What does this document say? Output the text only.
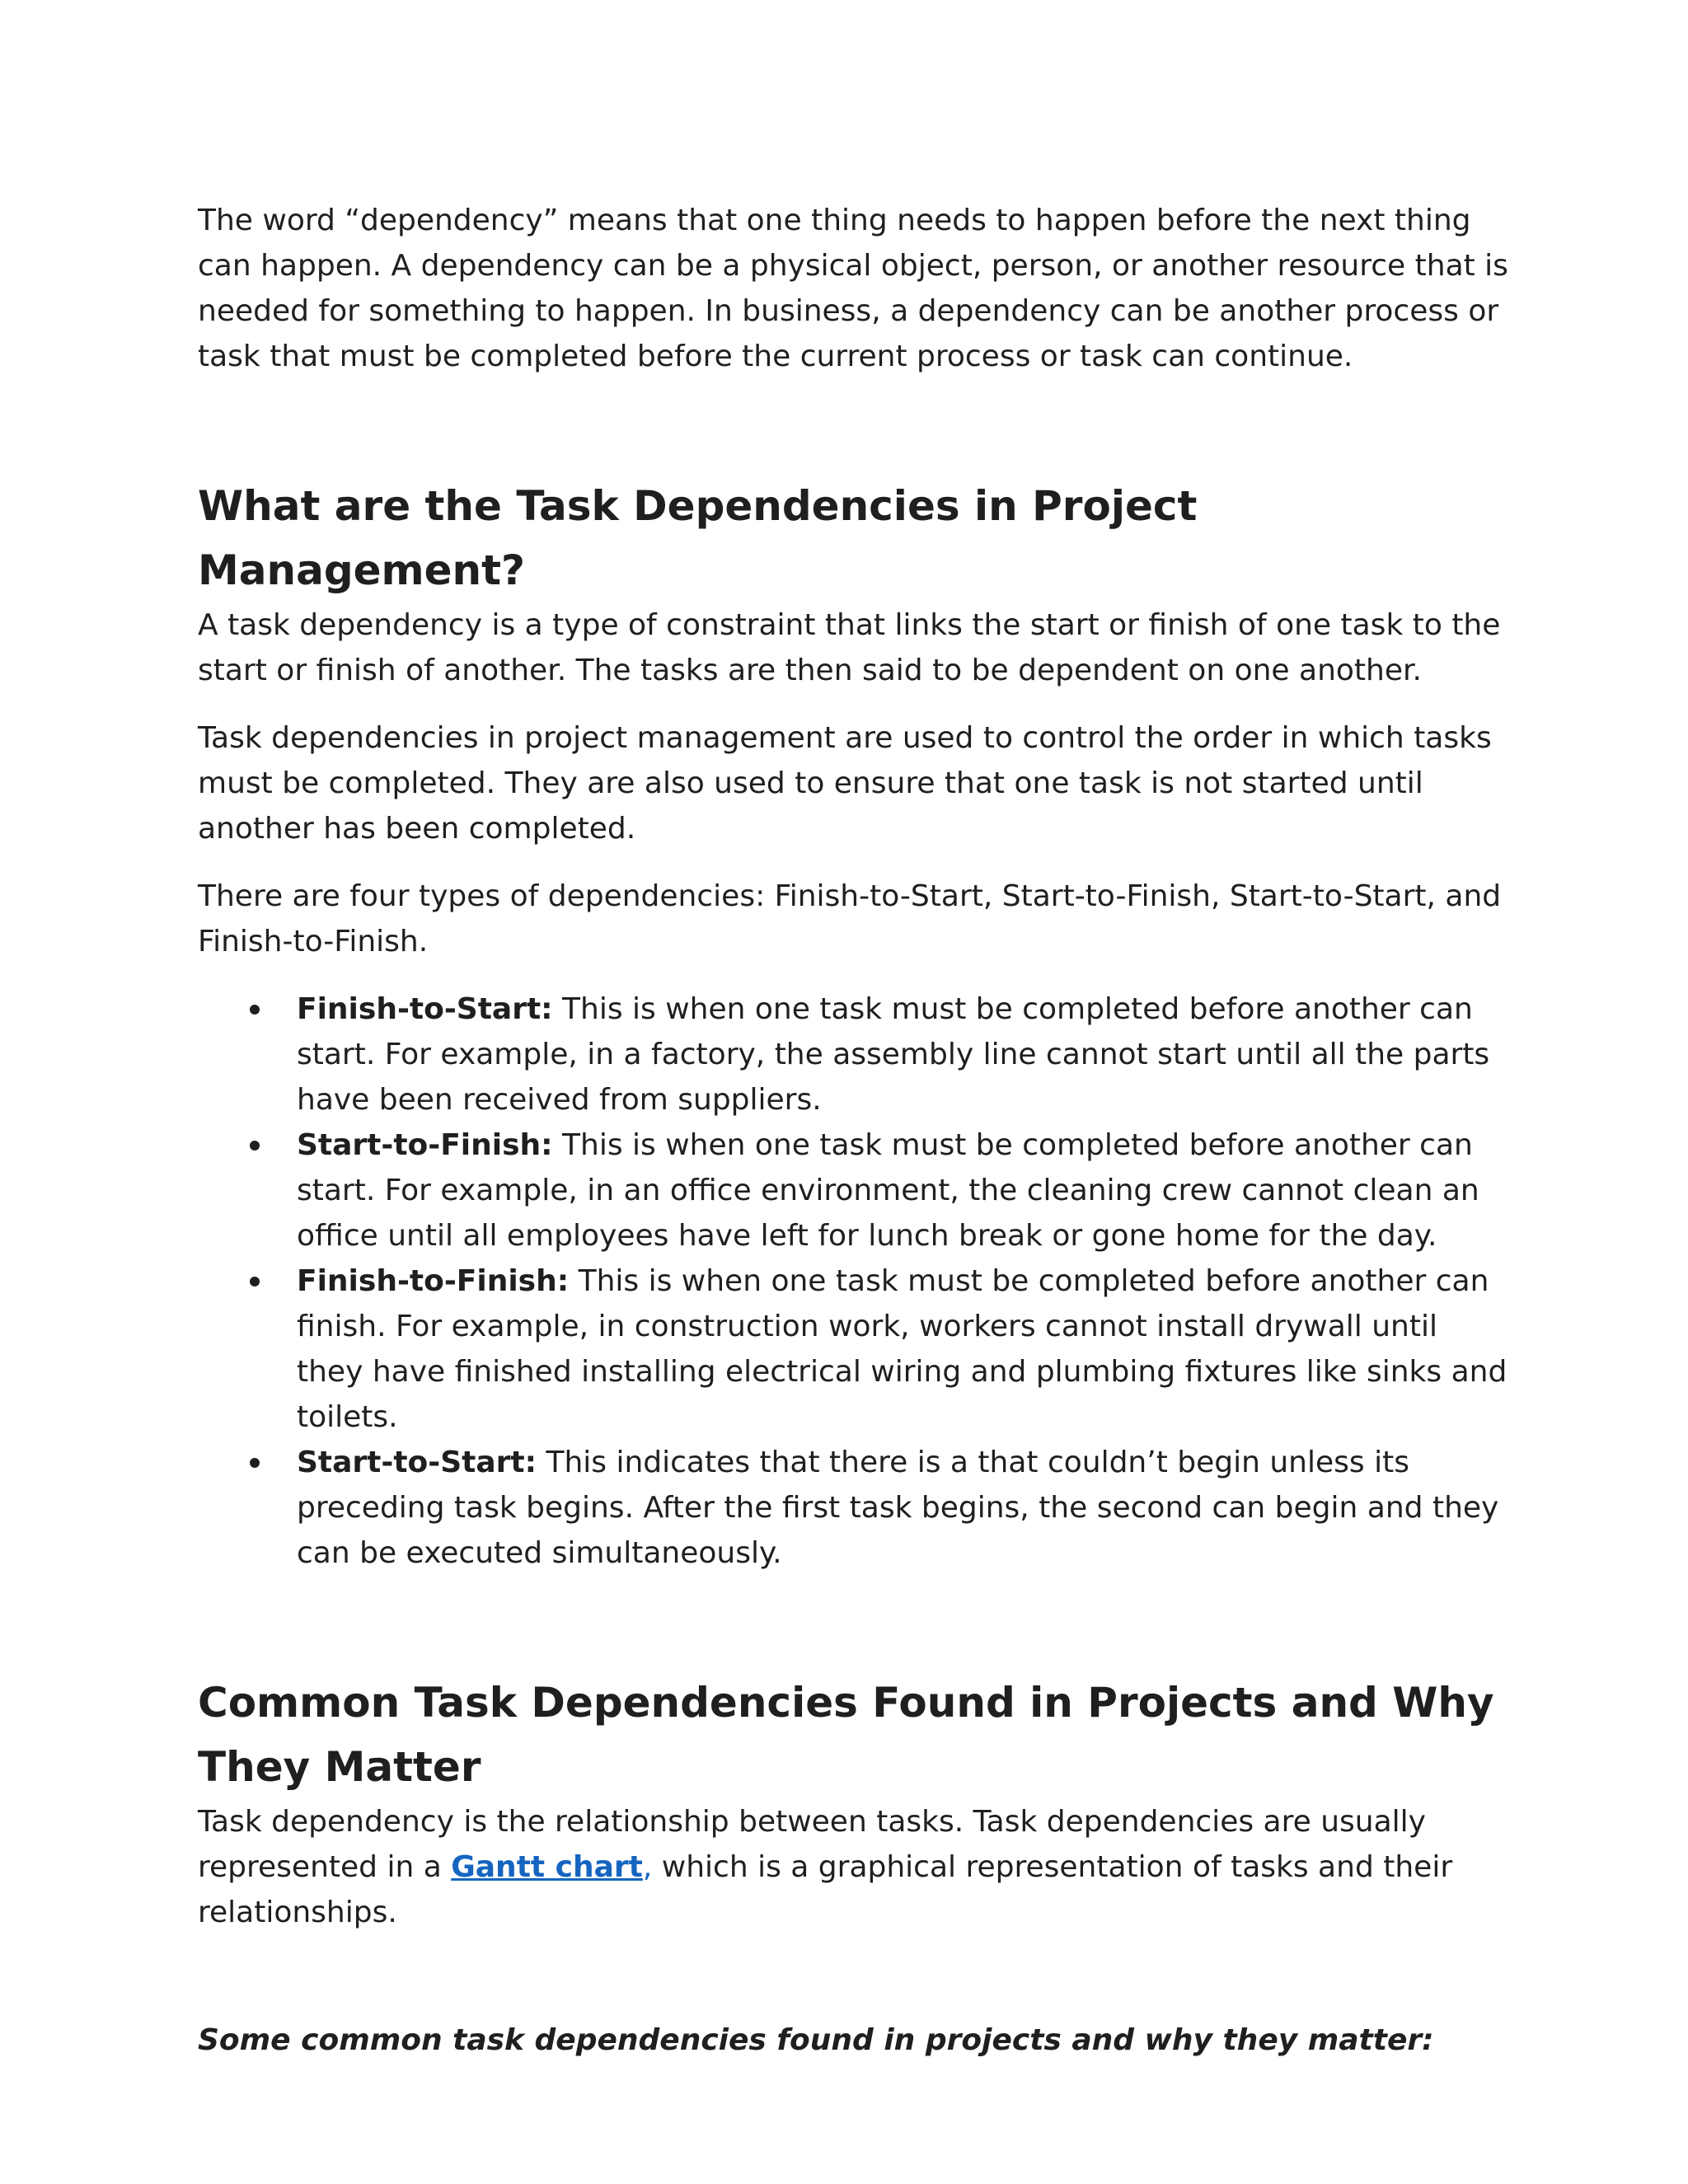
The word “dependency” means that one thing needs to happen before the next thing can happen. A dependency can be a physical object, person, or another resource that is needed for something to happen. In business, a dependency can be another process or task that must be completed before the current process or task can continue.

What are the Task Dependencies in Project Management?

A task dependency is a type of constraint that links the start or finish of one task to the start or finish of another. The tasks are then said to be dependent on one another.

Task dependencies in project management are used to control the order in which tasks must be completed. They are also used to ensure that one task is not started until another has been completed.

There are four types of dependencies: Finish-to-Start, Start-to-Finish, Start-to-Start, and Finish-to-Finish.

Finish-to-Start: This is when one task must be completed before another can start. For example, in a factory, the assembly line cannot start until all the parts have been received from suppliers.
Start-to-Finish: This is when one task must be completed before another can start. For example, in an office environment, the cleaning crew cannot clean an office until all employees have left for lunch break or gone home for the day.
Finish-to-Finish: This is when one task must be completed before another can finish. For example, in construction work, workers cannot install drywall until they have finished installing electrical wiring and plumbing fixtures like sinks and toilets.
Start-to-Start: This indicates that there is a that couldn’t begin unless its preceding task begins. After the first task begins, the second can begin and they can be executed simultaneously.
Common Task Dependencies Found in Projects and Why They Matter

Task dependency is the relationship between tasks. Task dependencies are usually represented in a Gantt chart, which is a graphical representation of tasks and their relationships.

Some common task dependencies found in projects and why they matter:
